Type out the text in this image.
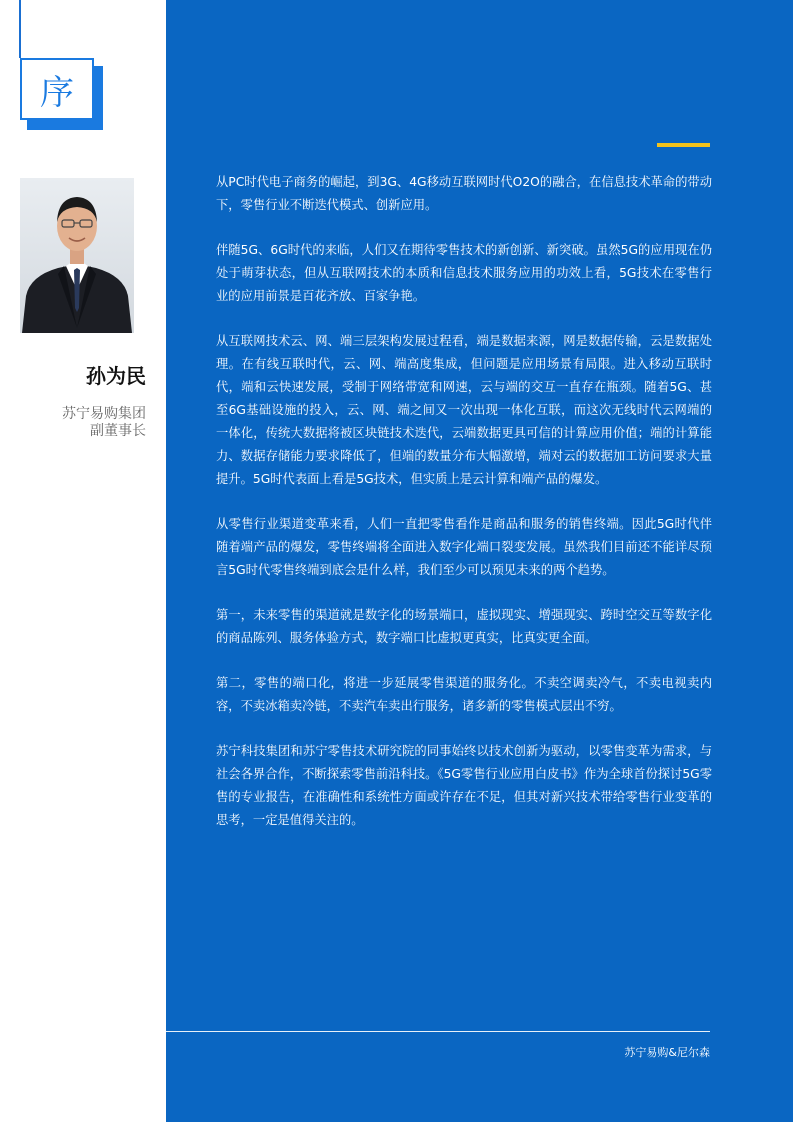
序
孙为民
苏宁易购集团
副董事长

从PC时代电子商务的崛起，到3G、4G移动互联网时代O2O的融合，在信息技术革命的带动下，零售行业不断迭代模式、创新应用。

伴随5G、6G时代的来临，人们又在期待零售技术的新创新、新突破。虽然5G的应用现在仍处于萌芽状态，但从互联网技术的本质和信息技术服务应用的功效上看，5G技术在零售行业的应用前景是百花齐放、百家争艳。

从互联网技术云、网、端三层架构发展过程看，端是数据来源，网是数据传输，云是数据处理。在有线互联时代，云、网、端高度集成，但问题是应用场景有局限。进入移动互联时代，端和云快速发展，受制于网络带宽和网速，云与端的交互一直存在瓶颈。随着5G、甚至6G基础设施的投入，云、网、端之间又一次出现一体化互联，而这次无线时代云网端的一体化，传统大数据将被区块链技术迭代，云端数据更具可信的计算应用价值；端的计算能力、数据存储能力要求降低了，但端的数量分布大幅激增，端对云的数据加工访问要求大量提升。5G时代表面上看是5G技术，但实质上是云计算和端产品的爆发。

从零售行业渠道变革来看，人们一直把零售看作是商品和服务的销售终端。因此5G时代伴随着端产品的爆发，零售终端将全面进入数字化端口裂变发展。虽然我们目前还不能详尽预言5G时代零售终端到底会是什么样，我们至少可以预见未来的两个趋势。

第一，未来零售的渠道就是数字化的场景端口，虚拟现实、增强现实、跨时空交互等数字化的商品陈列、服务体验方式，数字端口比虚拟更真实，比真实更全面。

第二，零售的端口化，将进一步延展零售渠道的服务化。不卖空调卖冷气，不卖电视卖内容，不卖冰箱卖冷链，不卖汽车卖出行服务，诸多新的零售模式层出不穷。

苏宁科技集团和苏宁零售技术研究院的同事始终以技术创新为驱动，以零售变革为需求，与社会各界合作，不断探索零售前沿科技。《5G零售行业应用白皮书》作为全球首份探讨5G零售的专业报告，在准确性和系统性方面或许存在不足，但其对新兴技术带给零售行业变革的思考，一定是值得关注的。

苏宁易购&尼尔森
